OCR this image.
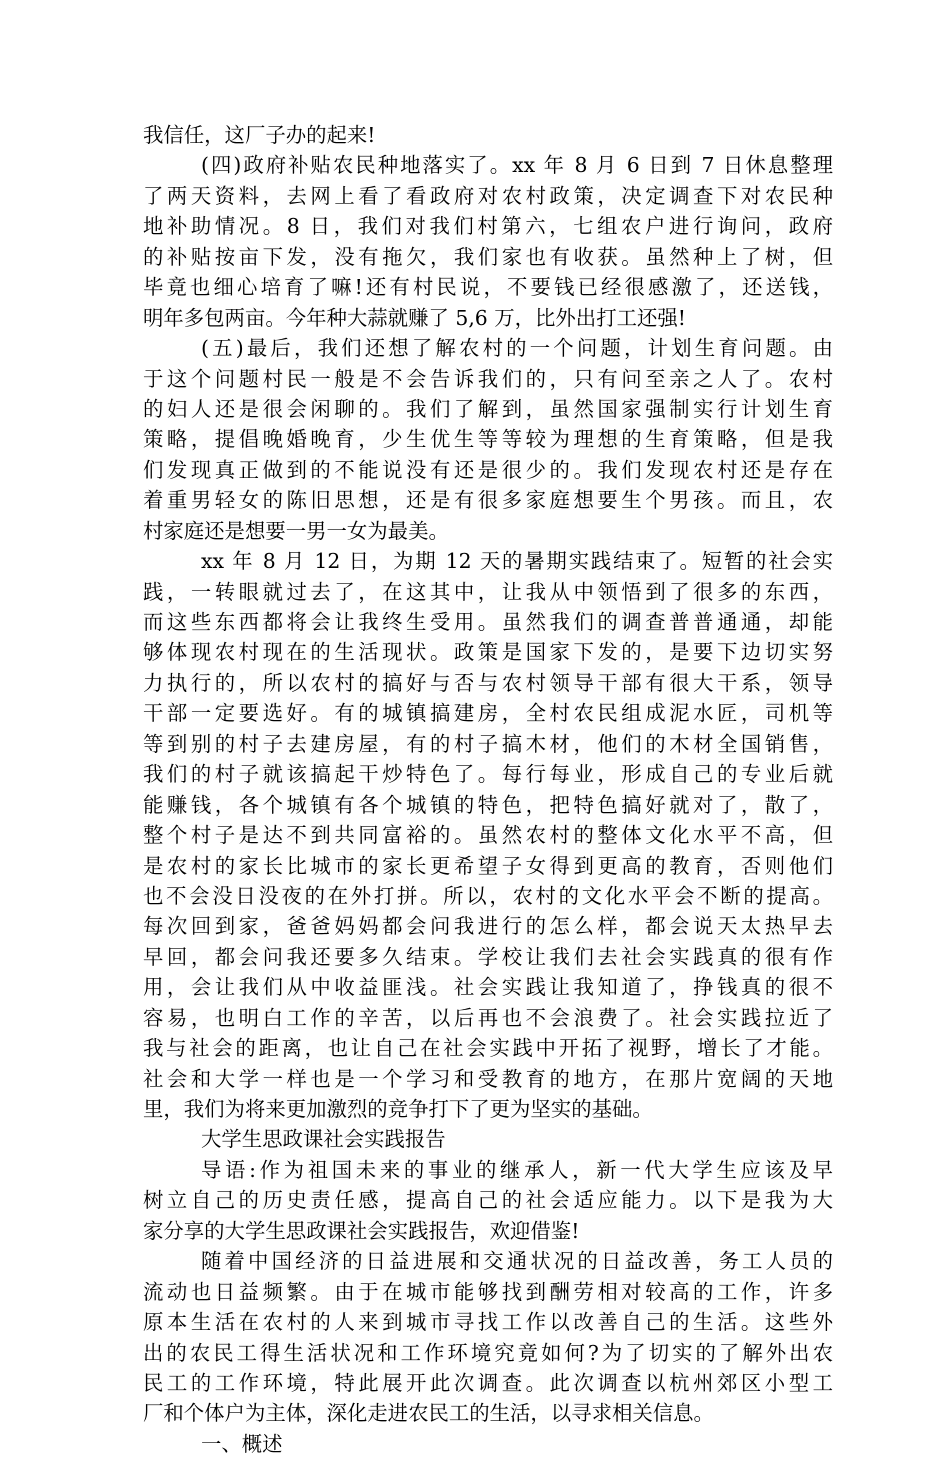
我信任，这厂子办的起来!
(四)政府补贴农民种地落实了。xx 年 8 月 6 日到 7 日休息整理
了两天资料，去网上看了看政府对农村政策，决定调查下对农民种
地补助情况。8 日，我们对我们村第六，七组农户进行询问，政府
的补贴按亩下发，没有拖欠，我们家也有收获。虽然种上了树，但
毕竟也细心培育了嘛!还有村民说，不要钱已经很感激了，还送钱，
明年多包两亩。今年种大蒜就赚了 5,6 万，比外出打工还强!
(五)最后，我们还想了解农村的一个问题，计划生育问题。由
于这个问题村民一般是不会告诉我们的，只有问至亲之人了。农村
的妇人还是很会闲聊的。我们了解到，虽然国家强制实行计划生育
策略，提倡晚婚晚育，少生优生等等较为理想的生育策略，但是我
们发现真正做到的不能说没有还是很少的。我们发现农村还是存在
着重男轻女的陈旧思想，还是有很多家庭想要生个男孩。而且，农
村家庭还是想要一男一女为最美。
xx 年 8 月 12 日，为期 12 天的暑期实践结束了。短暂的社会实
践，一转眼就过去了，在这其中，让我从中领悟到了很多的东西，
而这些东西都将会让我终生受用。虽然我们的调查普普通通，却能
够体现农村现在的生活现状。政策是国家下发的，是要下边切实努
力执行的，所以农村的搞好与否与农村领导干部有很大干系，领导
干部一定要选好。有的城镇搞建房，全村农民组成泥水匠，司机等
等到别的村子去建房屋，有的村子搞木材，他们的木材全国销售，
我们的村子就该搞起干炒特色了。每行每业，形成自己的专业后就
能赚钱，各个城镇有各个城镇的特色，把特色搞好就对了，散了，
整个村子是达不到共同富裕的。虽然农村的整体文化水平不高，但
是农村的家长比城市的家长更希望子女得到更高的教育，否则他们
也不会没日没夜的在外打拼。所以，农村的文化水平会不断的提高。
每次回到家，爸爸妈妈都会问我进行的怎么样，都会说天太热早去
早回，都会问我还要多久结束。学校让我们去社会实践真的很有作
用，会让我们从中收益匪浅。社会实践让我知道了，挣钱真的很不
容易，也明白工作的辛苦，以后再也不会浪费了。社会实践拉近了
我与社会的距离，也让自己在社会实践中开拓了视野，增长了才能。
社会和大学一样也是一个学习和受教育的地方，在那片宽阔的天地
里，我们为将来更加激烈的竞争打下了更为坚实的基础。
大学生思政课社会实践报告
导语:作为祖国未来的事业的继承人，新一代大学生应该及早
树立自己的历史责任感，提高自己的社会适应能力。以下是我为大
家分享的大学生思政课社会实践报告，欢迎借鉴!
随着中国经济的日益进展和交通状况的日益改善，务工人员的
流动也日益频繁。由于在城市能够找到酬劳相对较高的工作，许多
原本生活在农村的人来到城市寻找工作以改善自己的生活。这些外
出的农民工得生活状况和工作环境究竟如何?为了切实的了解外出农
民工的工作环境，特此展开此次调查。此次调查以杭州郊区小型工
厂和个体户为主体，深化走进农民工的生活，以寻求相关信息。
一、概述
